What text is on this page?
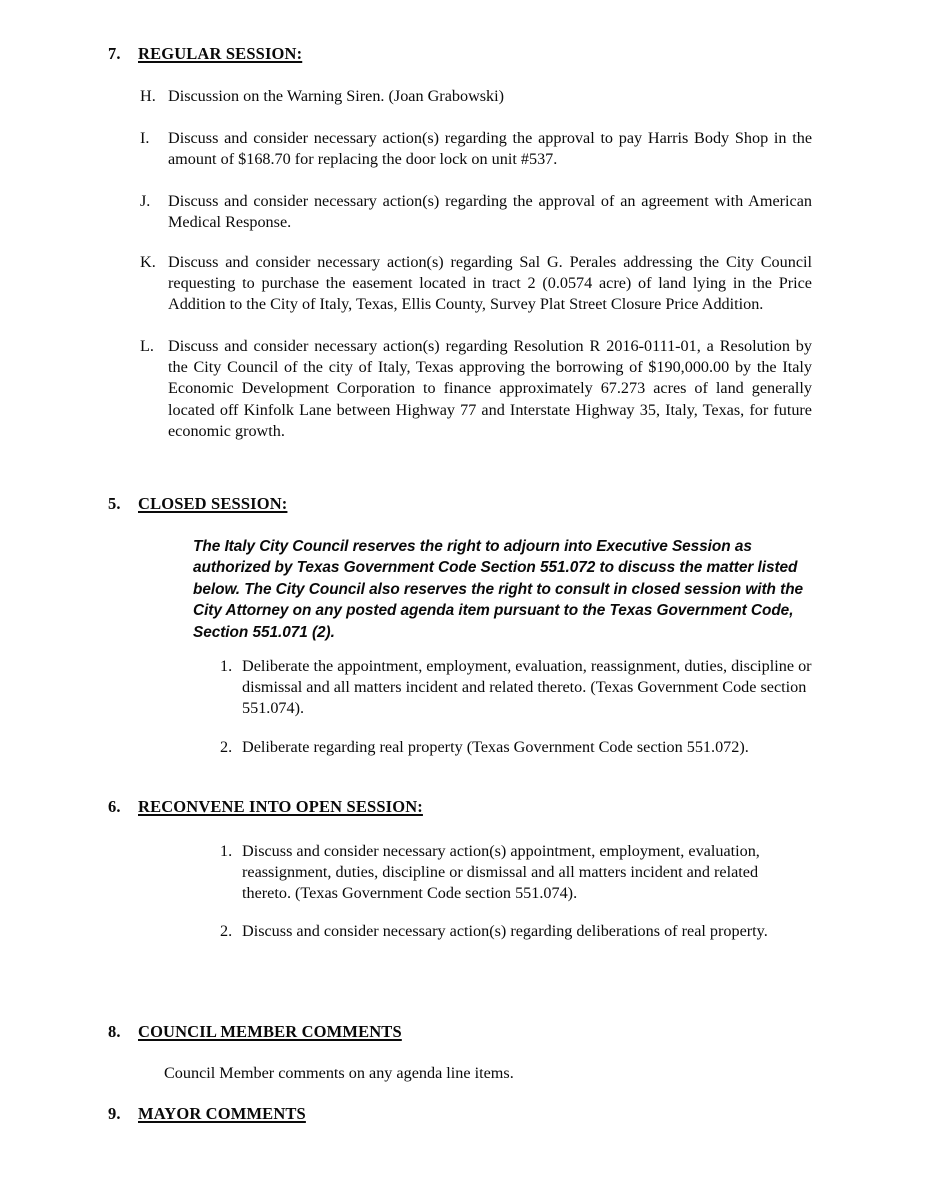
7.	REGULAR SESSION:
H. Discussion on the Warning Siren. (Joan Grabowski)
I.	Discuss and consider necessary action(s) regarding the approval to pay Harris Body Shop in the amount of $168.70 for replacing the door lock on unit #537.
J.	Discuss and consider necessary action(s) regarding the approval of an agreement with American Medical Response.
K. Discuss and consider necessary action(s) regarding Sal G. Perales addressing the City Council requesting to purchase the easement located in tract 2 (0.0574 acre) of land lying in the Price Addition to the City of Italy, Texas, Ellis County, Survey Plat Street Closure Price Addition.
L. Discuss and consider necessary action(s) regarding Resolution R 2016-0111-01, a Resolution by the City Council of the city of Italy, Texas approving the borrowing of $190,000.00 by the Italy Economic Development Corporation to finance approximately 67.273 acres of land generally located off Kinfolk Lane between Highway 77 and Interstate Highway 35, Italy, Texas, for future economic growth.
5.	CLOSED SESSION:
The Italy City Council reserves the right to adjourn into Executive Session as authorized by Texas Government Code Section 551.072 to discuss the matter listed below. The City Council also reserves the right to consult in closed session with the City Attorney on any posted agenda item pursuant to the Texas Government Code, Section 551.071 (2).
1. Deliberate the appointment, employment, evaluation, reassignment, duties, discipline or dismissal and all matters incident and related thereto. (Texas Government Code section 551.074).
2. Deliberate regarding real property (Texas Government Code section 551.072).
6.	RECONVENE INTO OPEN SESSION:
1. Discuss and consider necessary action(s) appointment, employment, evaluation, reassignment, duties, discipline or dismissal and all matters incident and related thereto. (Texas Government Code section 551.074).
2. Discuss and consider necessary action(s) regarding deliberations of real property.
8.	COUNCIL MEMBER COMMENTS
Council Member comments on any agenda line items.
9.	MAYOR COMMENTS
